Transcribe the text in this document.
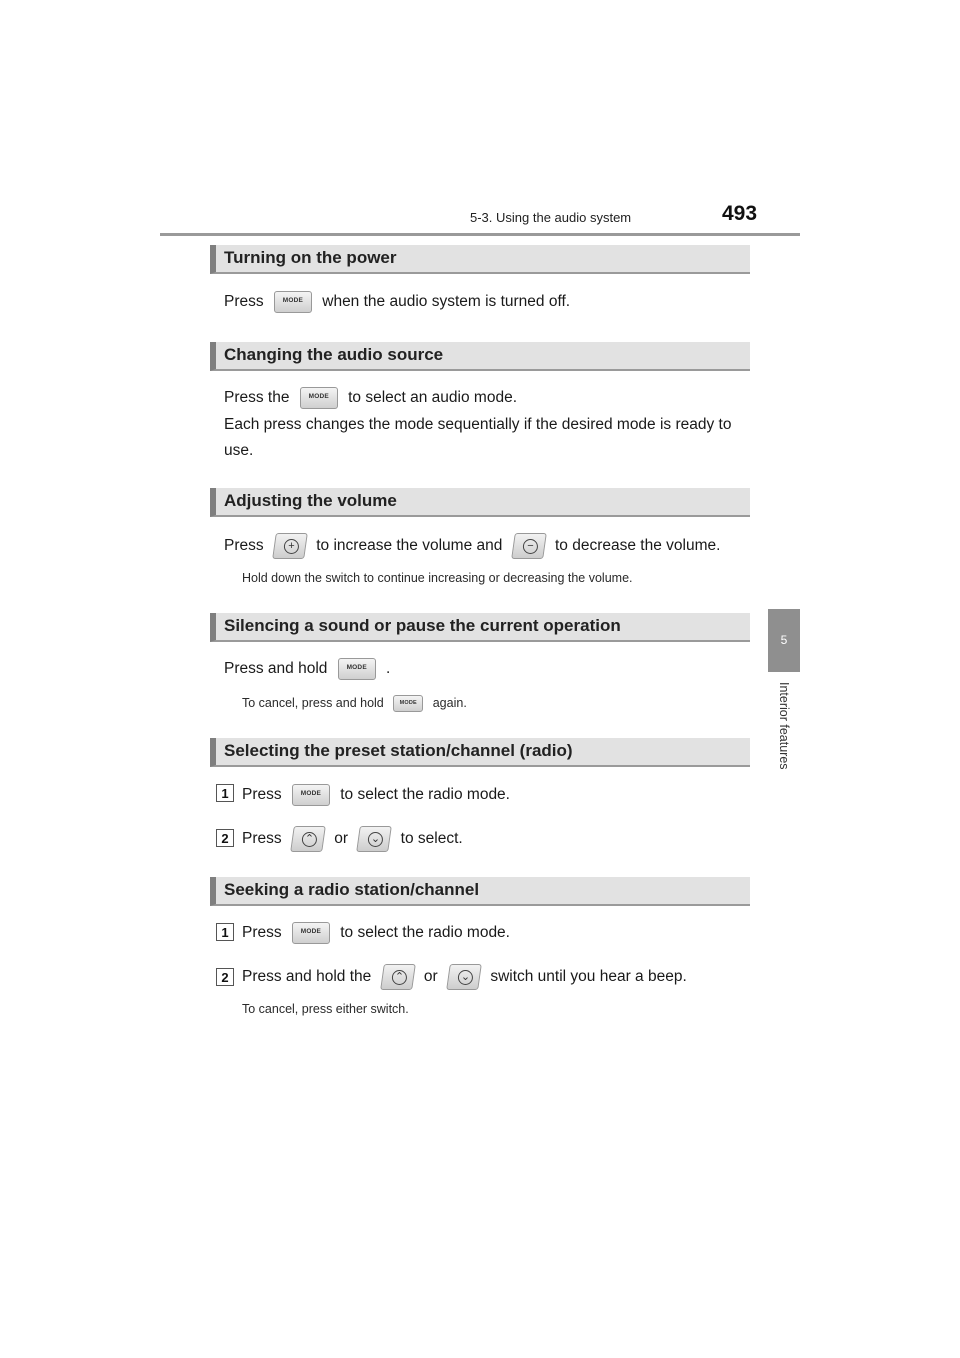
5-3. Using the audio system	493
5
Interior features
Turning on the power
Press	MODE	when the audio system is turned off.
Changing the audio source
Press the	MODE	to select an audio mode.
Each press changes the mode sequentially if the desired mode is ready to
use.
Adjusting the volume
Press	+ to increase the volume and	− to decrease the volume.
Hold down the switch to continue increasing or decreasing the volume.
Silencing a sound or pause the current operation
Press and hold	MODE	.
To cancel, press and hold	MODE	again.
Selecting the preset station/channel (radio)
1 Press	MODE	to select the radio mode.
2 Press ⌃ or ⌄ to select.
Seeking a radio station/channel
1 Press	MODE	to select the radio mode.
2 Press and hold the ⌃ or ⌄ switch until you hear a beep.
To cancel, press either switch.
